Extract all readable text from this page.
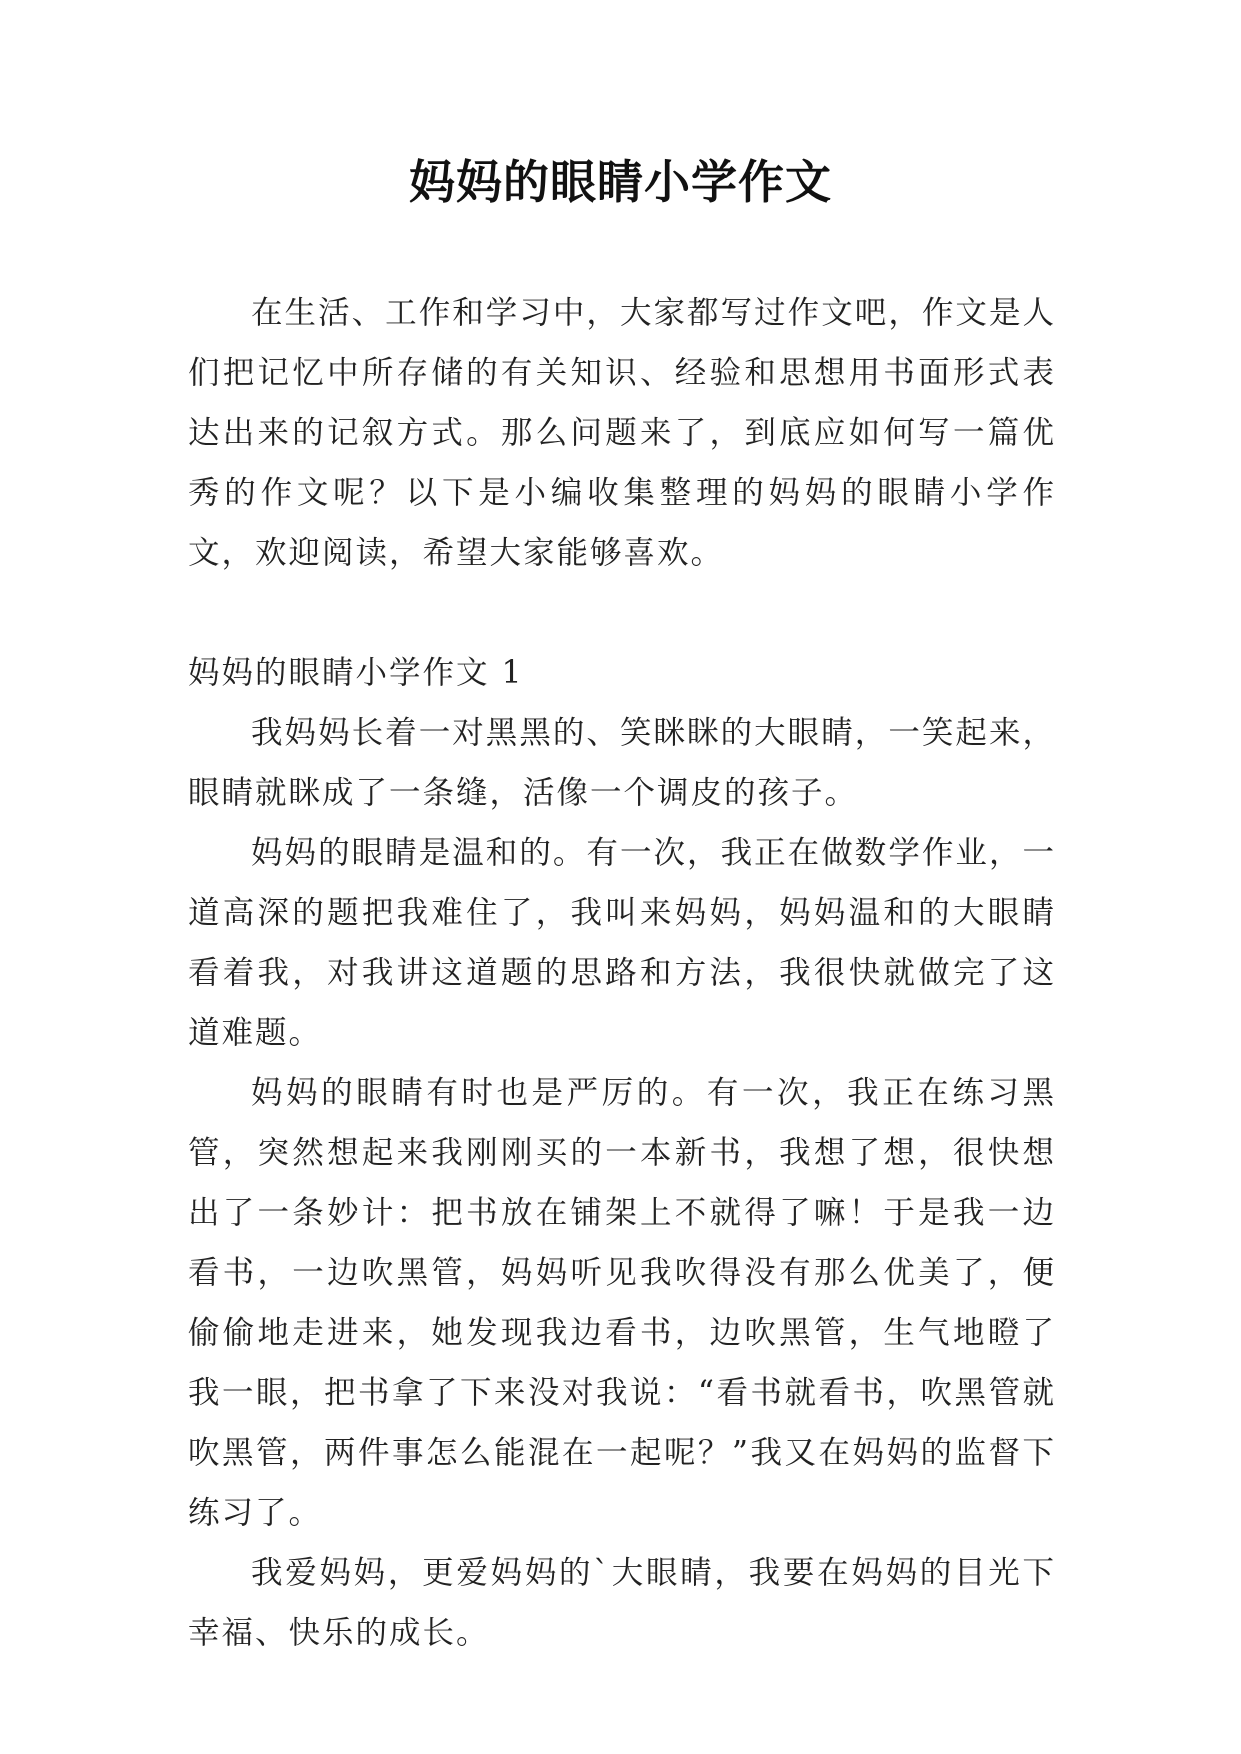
妈妈的眼睛小学作文

在生活、工作和学习中，大家都写过作文吧，作文是人们把记忆中所存储的有关知识、经验和思想用书面形式表达出来的记叙方式。那么问题来了，到底应如何写一篇优秀的作文呢？以下是小编收集整理的妈妈的眼睛小学作文，欢迎阅读，希望大家能够喜欢。

妈妈的眼睛小学作文 1

我妈妈长着一对黑黑的、笑眯眯的大眼睛，一笑起来，眼睛就眯成了一条缝，活像一个调皮的孩子。

妈妈的眼睛是温和的。有一次，我正在做数学作业，一道高深的题把我难住了，我叫来妈妈，妈妈温和的大眼睛看着我，对我讲这道题的思路和方法，我很快就做完了这道难题。

妈妈的眼睛有时也是严厉的。有一次，我正在练习黑管，突然想起来我刚刚买的一本新书，我想了想，很快想出了一条妙计：把书放在铺架上不就得了嘛！于是我一边看书，一边吹黑管，妈妈听见我吹得没有那么优美了，便偷偷地走进来，她发现我边看书，边吹黑管，生气地瞪了我一眼，把书拿了下来没对我说：“看书就看书，吹黑管就吹黑管，两件事怎么能混在一起呢？”我又在妈妈的监督下练习了。

我爱妈妈，更爱妈妈的`大眼睛，我要在妈妈的目光下幸福、快乐的成长。
